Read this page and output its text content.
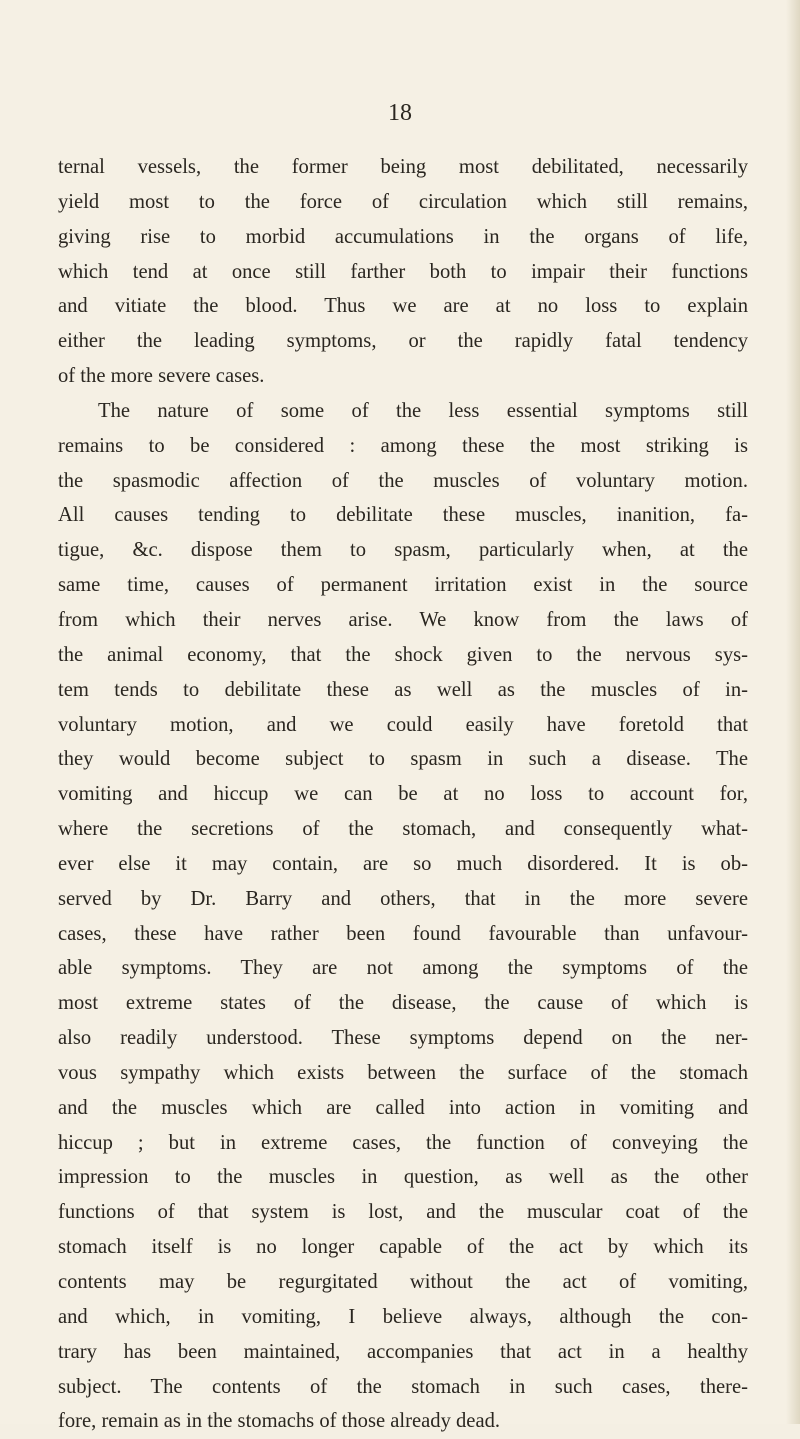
18
ternal vessels, the former being most debilitated, necessarily
yield most to the force of circulation which still remains,
giving rise to morbid accumulations in the organs of life,
which tend at once still farther both to impair their functions
and vitiate the blood. Thus we are at no loss to explain
either the leading symptoms, or the rapidly fatal tendency
of the more severe cases.
The nature of some of the less essential symptoms still
remains to be considered : among these the most striking is
the spasmodic affection of the muscles of voluntary motion.
All causes tending to debilitate these muscles, inanition, fa-
tigue, &c. dispose them to spasm, particularly when, at the
same time, causes of permanent irritation exist in the source
from which their nerves arise. We know from the laws of
the animal economy, that the shock given to the nervous sys-
tem tends to debilitate these as well as the muscles of in-
voluntary motion, and we could easily have foretold that
they would become subject to spasm in such a disease. The
vomiting and hiccup we can be at no loss to account for,
where the secretions of the stomach, and consequently what-
ever else it may contain, are so much disordered. It is ob-
served by Dr. Barry and others, that in the more severe
cases, these have rather been found favourable than unfavour-
able symptoms. They are not among the symptoms of the
most extreme states of the disease, the cause of which is
also readily understood. These symptoms depend on the ner-
vous sympathy which exists between the surface of the stomach
and the muscles which are called into action in vomiting and
hiccup ; but in extreme cases, the function of conveying the
impression to the muscles in question, as well as the other
functions of that system is lost, and the muscular coat of the
stomach itself is no longer capable of the act by which its
contents may be regurgitated without the act of vomiting,
and which, in vomiting, I believe always, although the con-
trary has been maintained, accompanies that act in a healthy
subject. The contents of the stomach in such cases, there-
fore, remain as in the stomachs of those already dead.
